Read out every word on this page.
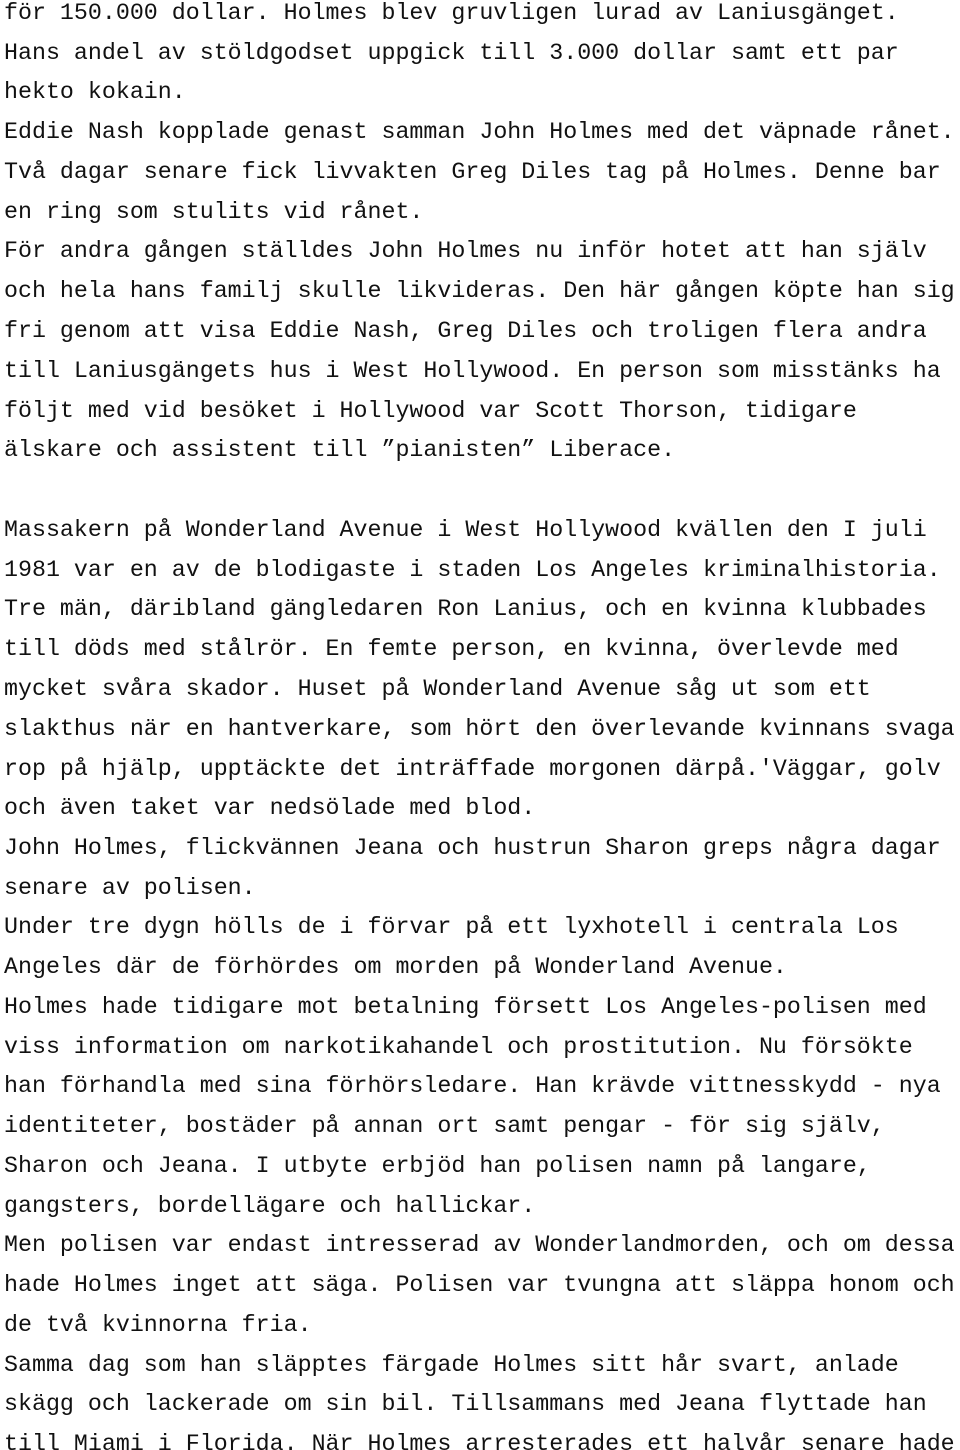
för 150.000 dollar. Holmes blev gruvligen lurad av Laniusgänget.
Hans andel av stöldgodset uppgick till 3.000 dollar samt ett par
hekto kokain.
Eddie Nash kopplade genast samman John Holmes med det väpnade rånet.
Två dagar senare fick livvakten Greg Diles tag på Holmes. Denne bar
en ring som stulits vid rånet.
För andra gången ställdes John Holmes nu inför hotet att han själv
och hela hans familj skulle likvideras. Den här gången köpte han sig
fri genom att visa Eddie Nash, Greg Diles och troligen flera andra
till Laniusgängets hus i West Hollywood. En person som misstänks ha
följt med vid besöket i Hollywood var Scott Thorson, tidigare
älskare och assistent till ”pianisten” Liberace.
Massakern på Wonderland Avenue i West Hollywood kvällen den I juli
1981 var en av de blodigaste i staden Los Angeles kriminalhistoria.
Tre män, däribland gängledaren Ron Lanius, och en kvinna klubbades
till döds med stålrör. En femte person, en kvinna, överlevde med
mycket svåra skador. Huset på Wonderland Avenue såg ut som ett
slakthus när en hantverkare, som hört den överlevande kvinnans svaga
rop på hjälp, upptäckte det inträffade morgonen därpå.'Väggar, golv
och även taket var nedsölade med blod.
John Holmes, flickvännen Jeana och hustrun Sharon greps några dagar
senare av polisen.
Under tre dygn hölls de i förvar på ett lyxhotell i centrala Los
Angeles där de förhördes om morden på Wonderland Avenue.
Holmes hade tidigare mot betalning försett Los Angeles-polisen med
viss information om narkotikahandel och prostitution. Nu försökte
han förhandla med sina förhörsledare. Han krävde vittnesskydd - nya
identiteter, bostäder på annan ort samt pengar - för sig själv,
Sharon och Jeana. I utbyte erbjöd han polisen namn på langare,
gangsters, bordellägare och hallickar.
Men polisen var endast intresserad av Wonderlandmorden, och om dessa
hade Holmes inget att säga. Polisen var tvungna att släppa honom och
de två kvinnorna fria.
Samma dag som han släpptes färgade Holmes sitt hår svart, anlade
skägg och lackerade om sin bil. Tillsammans med Jeana flyttade han
till Miami i Florida. När Holmes arresterades ett halvår senare hade
